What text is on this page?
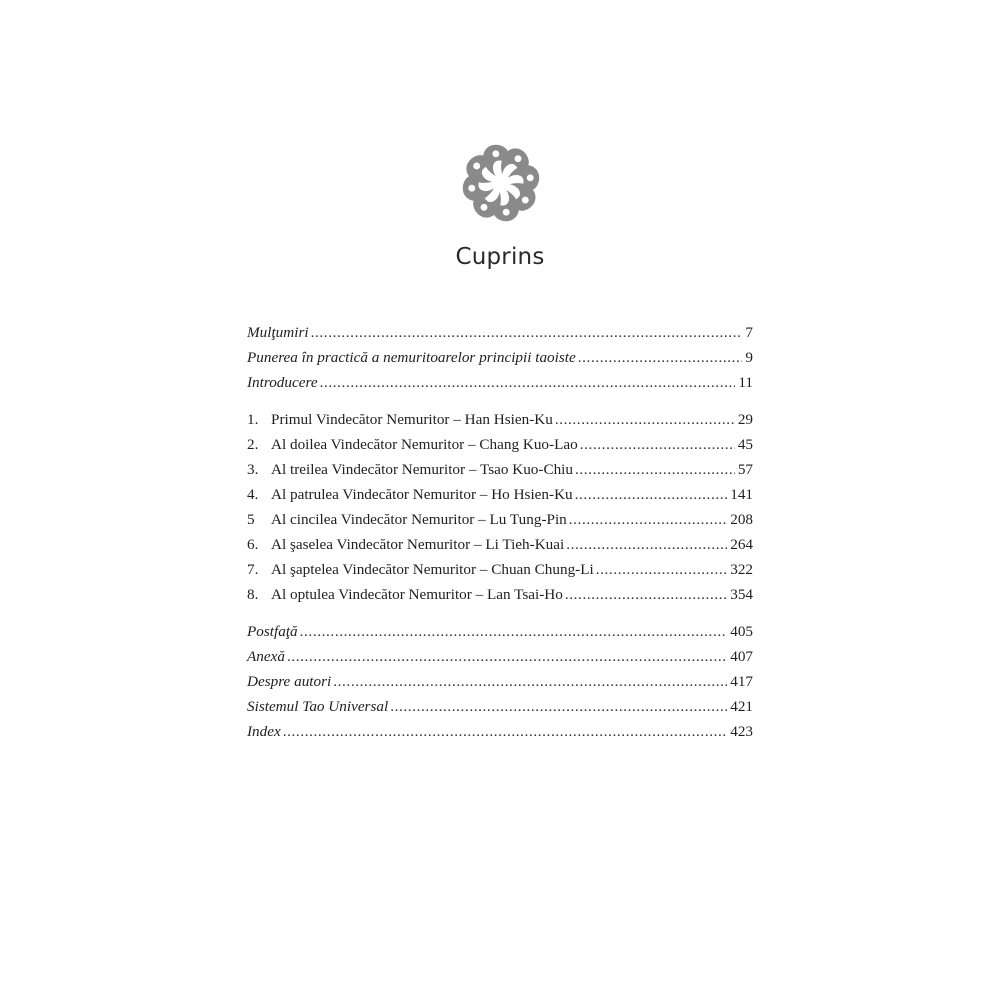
Cuprins
Mulţumiri .....	7
Punerea în practică a nemuritoarelor principii taoiste .....	9
Introducere .....	11
1. Primul Vindecător Nemuritor – Han Hsien-Ku .....	29
2. Al doilea Vindecător Nemuritor – Chang Kuo-Lao .....	45
3. Al treilea Vindecător Nemuritor – Tsao Kuo-Chiu .....	57
4. Al patrulea Vindecător Nemuritor – Ho Hsien-Ku .....	141
5	Al cincilea Vindecător Nemuritor – Lu Tung-Pin .....	208
6. Al şaselea Vindecător Nemuritor – Li Tieh-Kuai .....	264
7. Al şaptelea Vindecător Nemuritor – Chuan Chung-Li .....	322
8. Al optulea Vindecător Nemuritor – Lan Tsai-Ho .....	354
Postfaţă .....	405
Anexă .....	407
Despre autori .....	417
Sistemul Tao Universal .....	421
Index .....	423
